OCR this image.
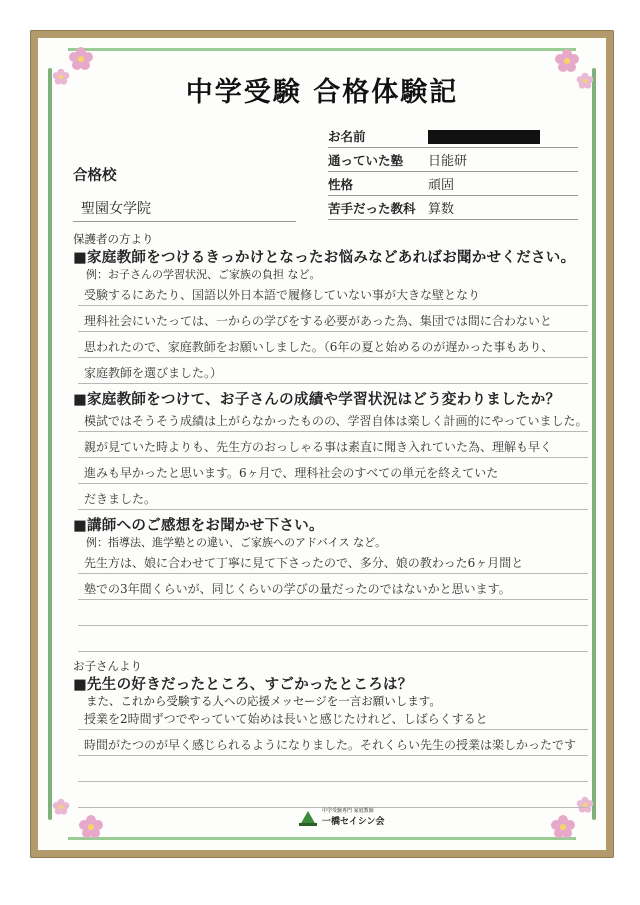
中学受験 合格体験記
お名前
通っていた塾	日能研
性格	頑固
苦手だった教科 算数
合格校
聖園女学院
保護者の方より
■家庭教師をつけるきっかけとなったお悩みなどあればお聞かせください。
例：お子さんの学習状況、ご家族の負担 など。
受験するにあたり、国語以外日本語で履修していない事が大きな壁となり
理科社会にいたっては、一からの学びをする必要があった為、集団では間に合わないと
思われたので、家庭教師をお願いしました。（6年の夏と始めるのが遅かった事もあり、
家庭教師を選びました。）
■家庭教師をつけて、お子さんの成績や学習状況はどう変わりましたか？
模試ではそうそう成績は上がらなかったものの、学習自体は楽しく計画的にやっていました。
親が見ていた時よりも、先生方のおっしゃる事は素直に聞き入れていた為、理解も早く
進みも早かったと思います。6ヶ月で、理科社会のすべての単元を終えていた
だきました。
■講師へのご感想をお聞かせ下さい。
例：指導法、進学塾との違い、ご家族へのアドバイス など。
先生方は、娘に合わせて丁寧に見て下さったので、多分、娘の教わった6ヶ月間と
塾での3年間くらいが、同じくらいの学びの量だったのではないかと思います。
お子さんより
■先生の好きだったところ、すごかったところは？
また、これから受験する人への応援メッセージを一言お願いします。
授業を2時間ずつでやっていて始めは長いと感じたけれど、しばらくすると
時間がたつのが早く感じられるようになりました。それくらい先生の授業は楽しかったです
中学受験専門 家庭教師
一橋セイシン会
